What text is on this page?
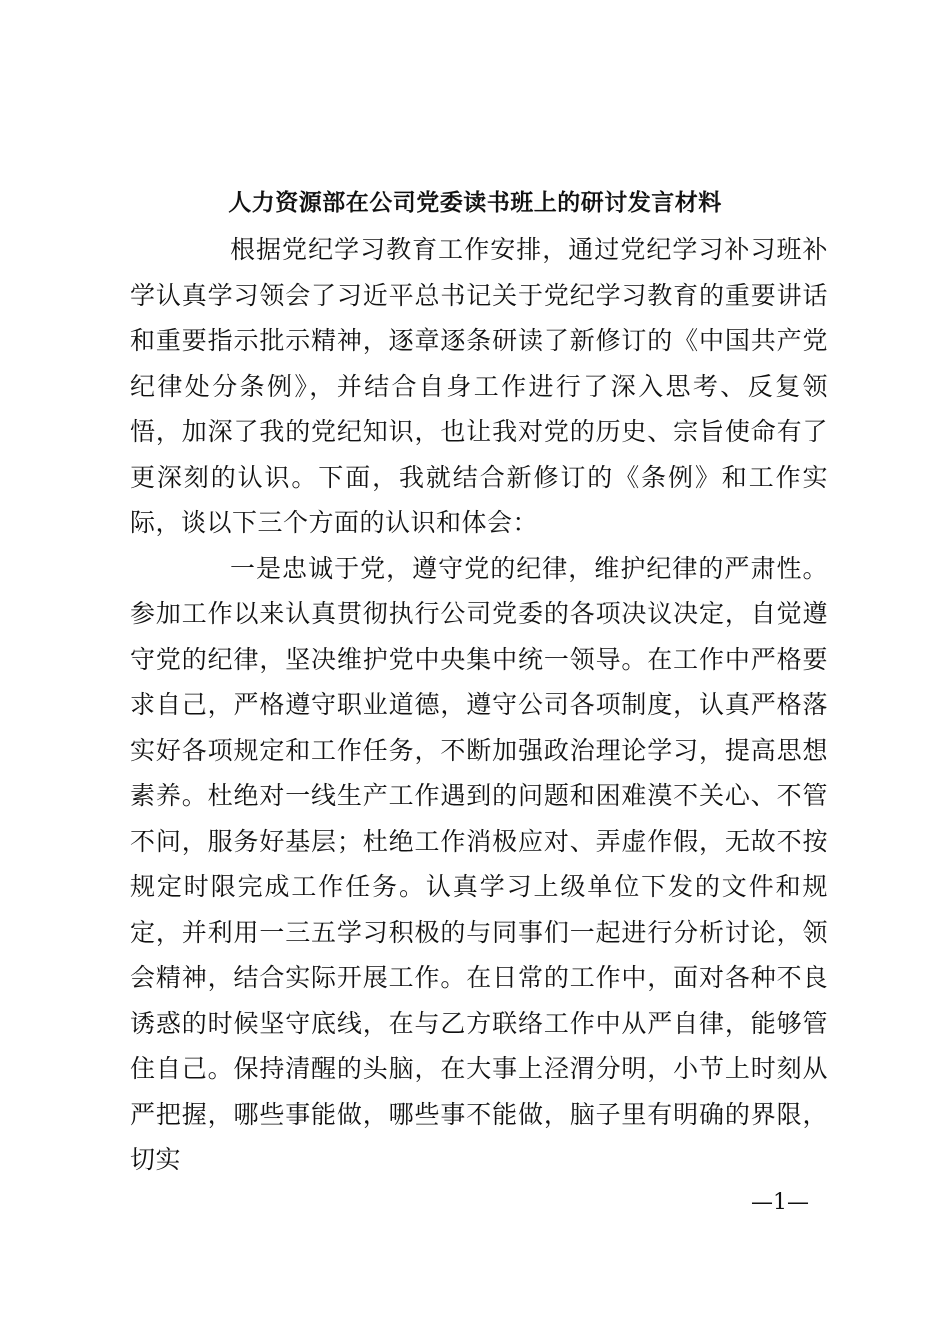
人力资源部在公司党委读书班上的研讨发言材料

根据党纪学习教育工作安排，通过党纪学习补习班补学认真学习领会了习近平总书记关于党纪学习教育的重要讲话和重要指示批示精神，逐章逐条研读了新修订的《中国共产党纪律处分条例》，并结合自身工作进行了深入思考、反复领悟，加深了我的党纪知识，也让我对党的历史、宗旨使命有了更深刻的认识。下面，我就结合新修订的《条例》和工作实际，谈以下三个方面的认识和体会：

一是忠诚于党，遵守党的纪律，维护纪律的严肃性。参加工作以来认真贯彻执行公司党委的各项决议决定，自觉遵守党的纪律，坚决维护党中央集中统一领导。在工作中严格要求自己，严格遵守职业道德，遵守公司各项制度，认真严格落实好各项规定和工作任务，不断加强政治理论学习，提高思想素养。杜绝对一线生产工作遇到的问题和困难漠不关心、不管不问，服务好基层；杜绝工作消极应对、弄虚作假，无故不按规定时限完成工作任务。认真学习上级单位下发的文件和规定，并利用一三五学习积极的与同事们一起进行分析讨论，领会精神，结合实际开展工作。在日常的工作中，面对各种不良诱惑的时候坚守底线，在与乙方联络工作中从严自律，能够管住自己。保持清醒的头脑，在大事上泾渭分明，小节上时刻从严把握，哪些事能做，哪些事不能做，脑子里有明确的界限，切实

—1—
